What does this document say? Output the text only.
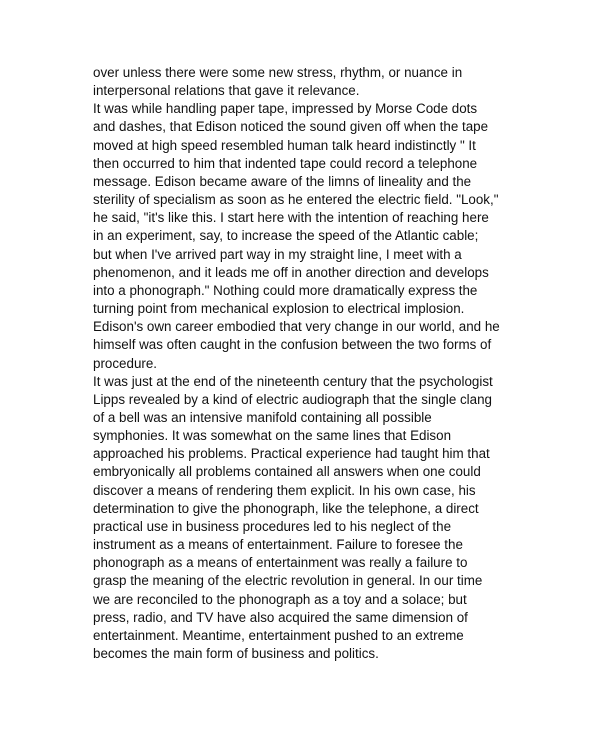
over unless there were some new stress, rhythm, or nuance in
interpersonal relations that gave it relevance.
It was while handling paper tape, impressed by Morse Code dots
and dashes, that Edison noticed the sound given off when the tape
moved at high speed resembled human talk heard indistinctly " It
then occurred to him that indented tape could record a telephone
message. Edison became aware of the limns of lineality and the
sterility of specialism as soon as he entered the electric field. "Look,"
he said, "it's like this. I start here with the intention of reaching here
in an experiment, say, to increase the speed of the Atlantic cable;
but when I've arrived part way in my straight line, I meet with a
phenomenon, and it leads me off in another direction and develops
into a phonograph." Nothing could more dramatically express the
turning point from mechanical explosion to electrical implosion.
Edison's own career embodied that very change in our world, and he
himself was often caught in the confusion between the two forms of
procedure.
It was just at the end of the nineteenth century that the psychologist
Lipps revealed by a kind of electric audiograph that the single clang
of a bell was an intensive manifold containing all possible
symphonies. It was somewhat on the same lines that Edison
approached his problems. Practical experience had taught him that
embryonically all problems contained all answers when one could
discover a means of rendering them explicit. In his own case, his
determination to give the phonograph, like the telephone, a direct
practical use in business procedures led to his neglect of the
instrument as a means of entertainment. Failure to foresee the
phonograph as a means of entertainment was really a failure to
grasp the meaning of the electric revolution in general. In our time
we are reconciled to the phonograph as a toy and a solace; but
press, radio, and TV have also acquired the same dimension of
entertainment. Meantime, entertainment pushed to an extreme
becomes the main form of business and politics.
